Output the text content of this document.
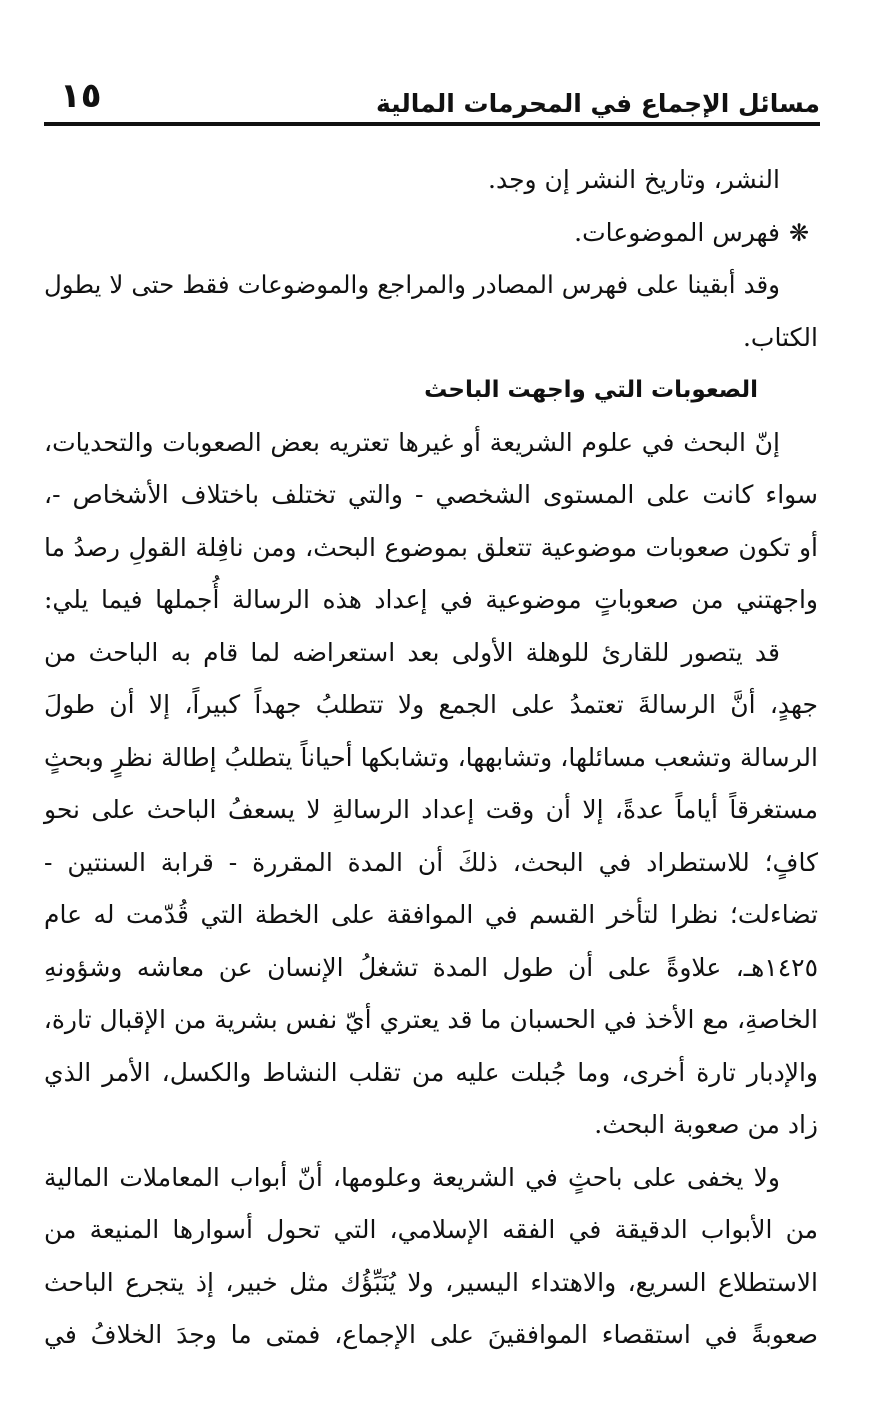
١٥	مسائل الإجماع في المحرمات المالية
النشر، وتاريخ النشر إن وجد.
❋فهرس الموضوعات.
وقد أبقينا على فهرس المصادر والمراجع والموضوعات فقط حتى لا يطول
الكتاب.
الصعوبات التي واجهت الباحث
إنّ البحث في علوم الشريعة أو غيرها تعتريه بعض الصعوبات والتحديات،
سواء كانت على المستوى الشخصي - والتي تختلف باختلاف الأشخاص -،
أو تكون صعوبات موضوعية تتعلق بموضوع البحث، ومن نافِلة القولِ رصدُ ما
واجهتني من صعوباتٍ موضوعية في إعداد هذه الرسالة أُجملها فيما يلي:
قد يتصور للقارئ للوهلة الأولى بعد استعراضه لما قام به الباحث من
جهدٍ، أنَّ الرسالةَ تعتمدُ على الجمع ولا تتطلبُ جهداً كبيراً، إلا أن طولَ
الرسالة وتشعب مسائلها، وتشابهها، وتشابكها أحياناً يتطلبُ إطالة نظرٍ وبحثٍ
مستغرقاً أياماً عدةً، إلا أن وقت إعداد الرسالةِ لا يسعفُ الباحث على نحو
كافٍ؛ للاستطراد في البحث، ذلكَ أن المدة المقررة - قرابة السنتين -
تضاءلت؛ نظرا لتأخر القسم في الموافقة على الخطة التي قُدّمت له عام
١٤٢٥هـ، علاوةً على أن طول المدة تشغلُ الإنسان عن معاشه وشؤونهِ
الخاصةِ، مع الأخذ في الحسبان ما قد يعتري أيّ نفس بشرية من الإقبال تارة،
والإدبار تارة أخرى، وما جُبلت عليه من تقلب النشاط والكسل، الأمر الذي
زاد من صعوبة البحث.
ولا يخفى على باحثٍ في الشريعة وعلومها، أنّ أبواب المعاملات المالية
من الأبواب الدقيقة في الفقه الإسلامي، التي تحول أسوارها المنيعة من
الاستطلاع السريع، والاهتداء اليسير، ولا يُنَبِّؤُك مثل خبير، إذ يتجرع الباحث
صعوبةً في استقصاء الموافقينَ على الإجماع، فمتى ما وجدَ الخلافُ في
